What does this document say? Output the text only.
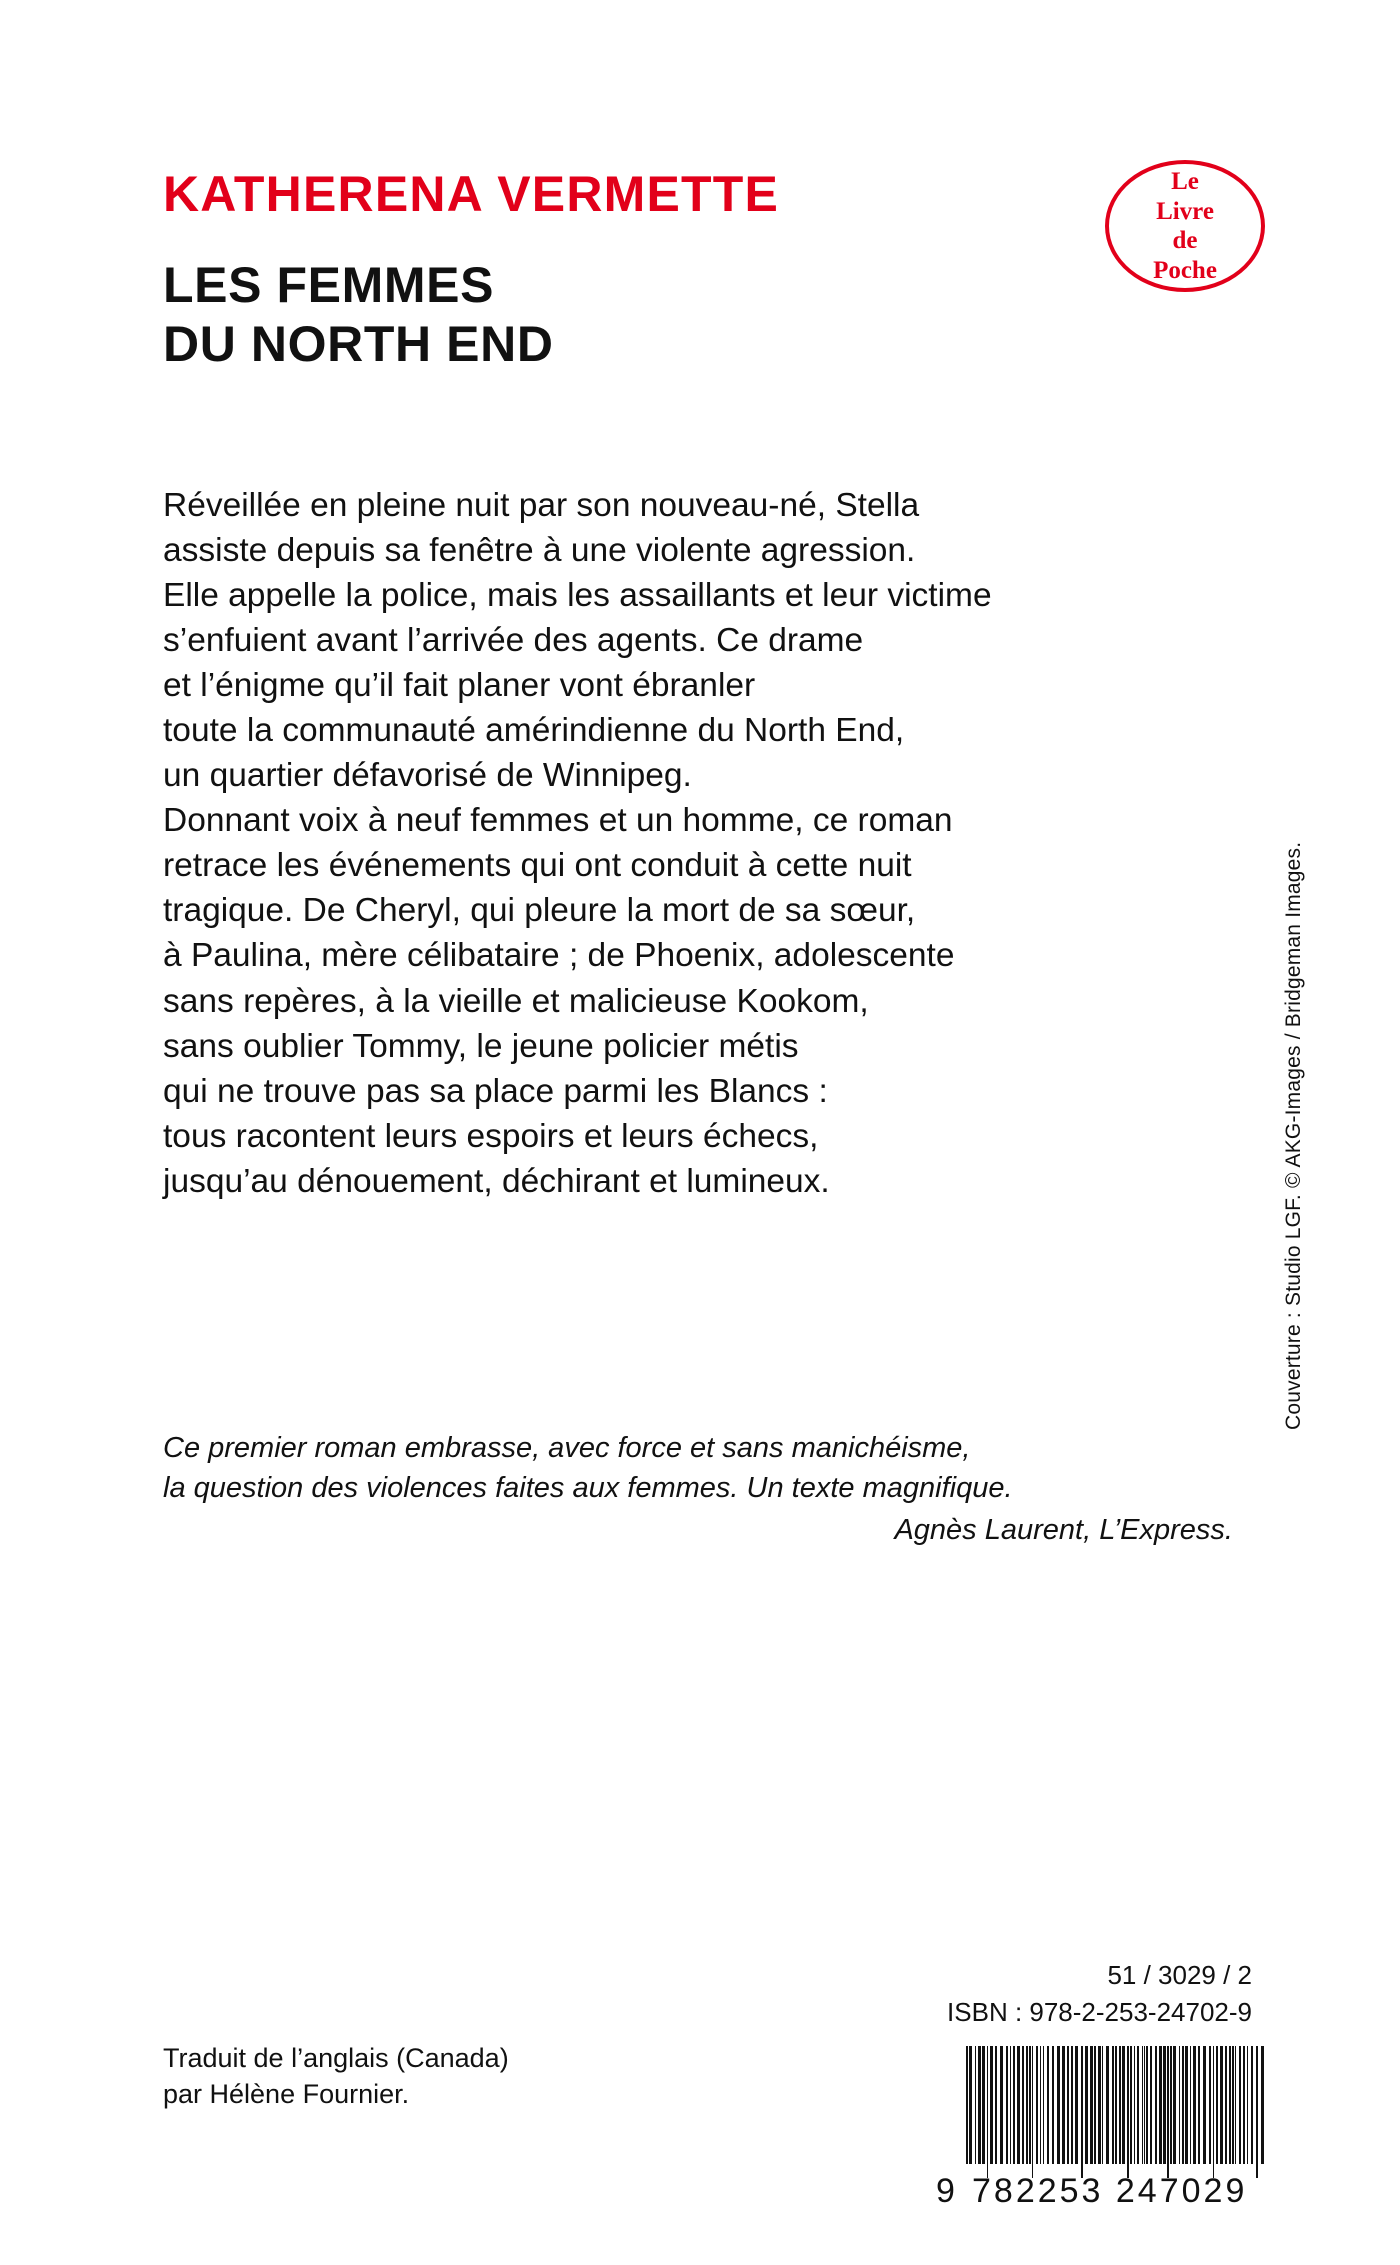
KATHERENA VERMETTE
LES FEMMES
DU NORTH END
Le
Livre
de
Poche

Réveillée en pleine nuit par son nouveau-né, Stella
assiste depuis sa fenêtre à une violente agression.
Elle appelle la police, mais les assaillants et leur victime
s’enfuient avant l’arrivée des agents. Ce drame
et l’énigme qu’il fait planer vont ébranler
toute la communauté amérindienne du North End,
un quartier défavorisé de Winnipeg.
Donnant voix à neuf femmes et un homme, ce roman
retrace les événements qui ont conduit à cette nuit
tragique. De Cheryl, qui pleure la mort de sa sœur,
à Paulina, mère célibataire ; de Phoenix, adolescente
sans repères, à la vieille et malicieuse Kookom,
sans oublier Tommy, le jeune policier métis
qui ne trouve pas sa place parmi les Blancs :
tous racontent leurs espoirs et leurs échecs,
jusqu’au dénouement, déchirant et lumineux.

Ce premier roman embrasse, avec force et sans manichéisme,
la question des violences faites aux femmes. Un texte magnifique.
Agnès Laurent, L’Express.
Couverture : Studio LGF. © AKG-Images / Bridgeman Images.
Traduit de l’anglais (Canada)
par Hélène Fournier.
51 / 3029 / 2
ISBN : 978-2-253-24702-9
9 782253 247029
